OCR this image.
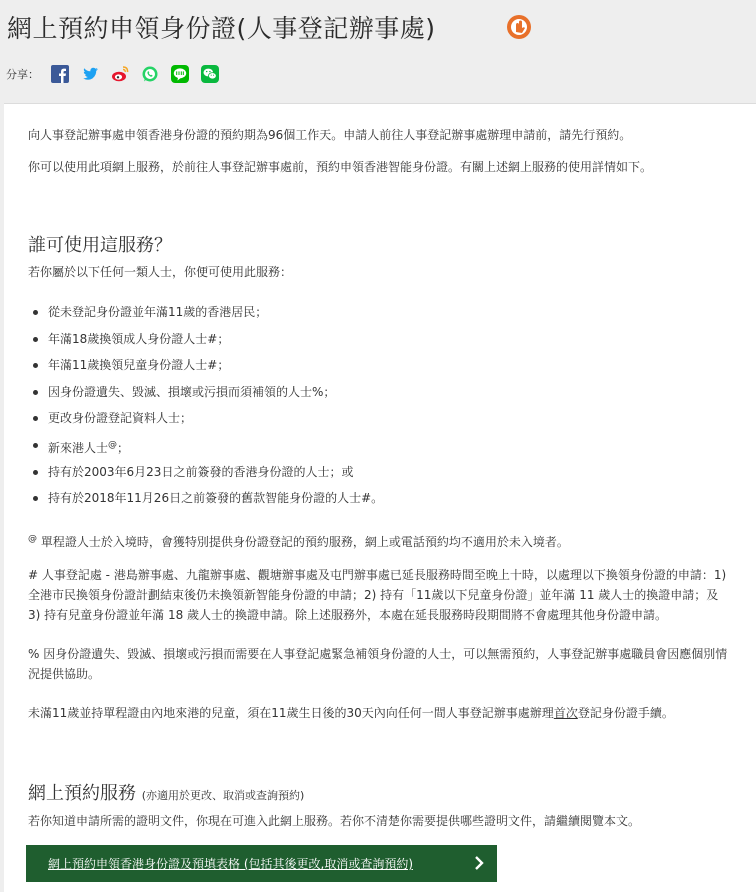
網上預約申領身份證(人事登記辦事處)
分享：

向人事登記辦事處申領香港身份證的預約期為96個工作天。申請人前往人事登記辦事處辦理申請前，請先行預約。

你可以使用此項網上服務，於前往人事登記辦事處前，預約申領香港智能身份證。有關上述網上服務的使用詳情如下。

誰可使用這服務？

若你屬於以下任何一類人士，你便可使用此服務：

從未登記身份證並年滿11歲的香港居民；
年滿18歲換領成人身份證人士#；
年滿11歲換領兒童身份證人士#；
因身份證遺失、毀滅、損壞或污損而須補領的人士%；
更改身份證登記資料人士；
新來港人士@；
持有於2003年6月23日之前簽發的香港身份證的人士；或
持有於2018年11月26日之前簽發的舊款智能身份證的人士#。

@ 單程證人士於入境時，會獲特別提供身份證登記的預約服務，網上或電話預約均不適用於未入境者。

# 人事登記處 - 港島辦事處、九龍辦事處、觀塘辦事處及屯門辦事處已延長服務時間至晚上十時，以處理以下換領身份證的申請：1) 全港市民換領身份證計劃結束後仍未換領新智能身份證的申請；2) 持有「11歲以下兒童身份證」並年滿 11 歲人士的換證申請；及 3) 持有兒童身份證並年滿 18 歲人士的換證申請。除上述服務外，本處在延長服務時段期間將不會處理其他身份證申請。

% 因身份證遺失、毀滅、損壞或污損而需要在人事登記處緊急補領身份證的人士，可以無需預約，人事登記辦事處職員會因應個別情況提供協助。

未滿11歲並持單程證由內地來港的兒童，須在11歲生日後的30天內向任何一間人事登記辦事處辦理首次登記身份證手續。

網上預約服務 (亦適用於更改、取消或查詢預約)

若你知道申請所需的證明文件，你現在可進入此網上服務。若你不清楚你需要提供哪些證明文件，請繼續閱覽本文。

網上預約申領香港身份證及預填表格 (包括其後更改,取消或查詢預約)
